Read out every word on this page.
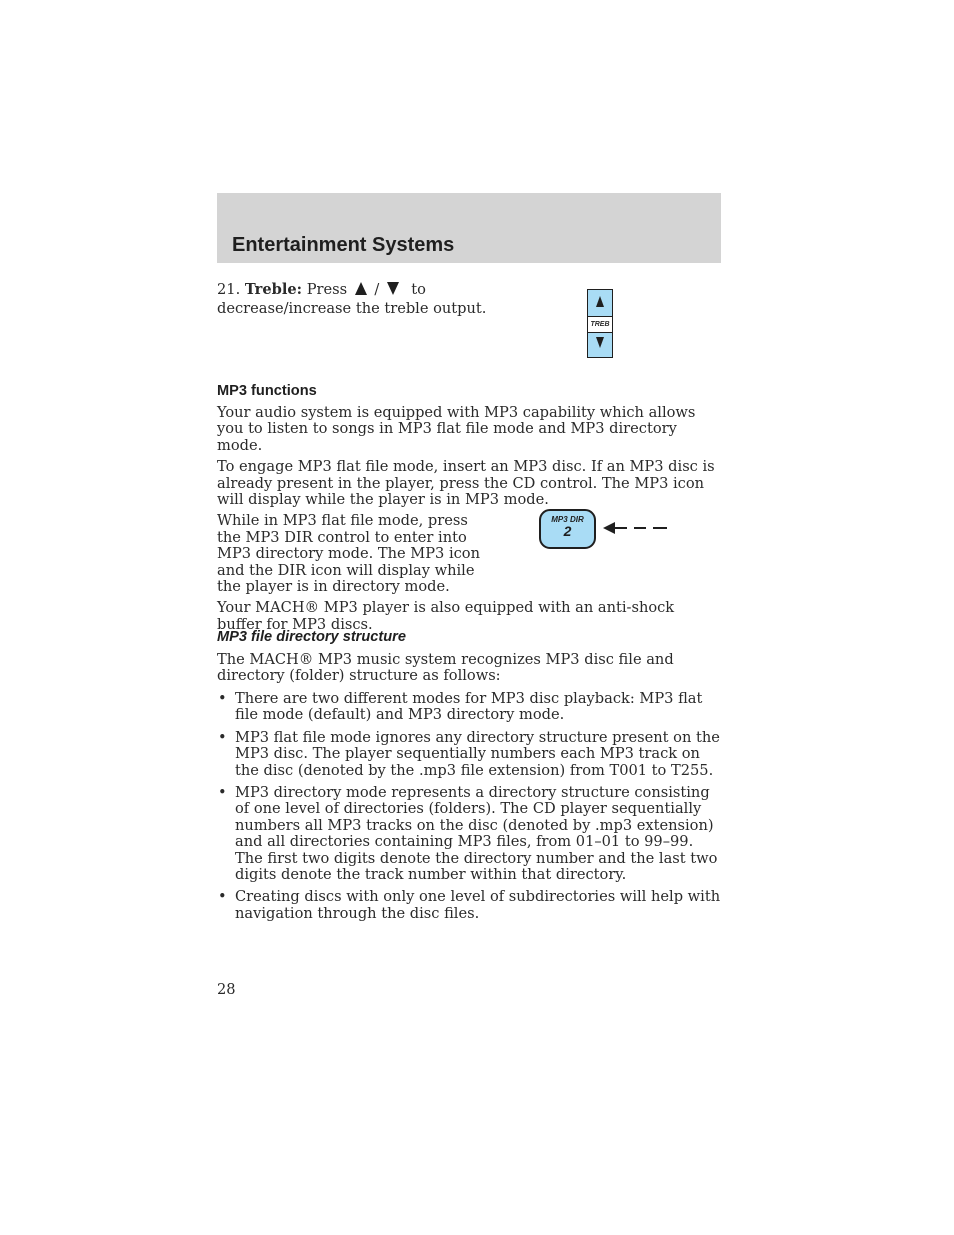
Entertainment Systems
21. Treble: Press / to
decrease/increase the treble output.
TREB
MP3 functions

Your audio system is equipped with MP3 capability which allows you to listen to songs in MP3 flat file mode and MP3 directory mode.

To engage MP3 flat file mode, insert an MP3 disc. If an MP3 disc is already present in the player, press the CD control. The MP3 icon will display while the player is in MP3 mode.

While in MP3 flat file mode, press
the MP3 DIR control to enter into
MP3 directory mode. The MP3 icon
and the DIR icon will display while
the player is in directory mode.

Your MACH® MP3 player is also equipped with an anti-shock buffer for MP3 discs.

MP3 DIR
2
MP3 file directory structure

The MACH® MP3 music system recognizes MP3 disc file and directory (folder) structure as follows:

• There are two different modes for MP3 disc playback: MP3 flat file mode (default) and MP3 directory mode.
• MP3 flat file mode ignores any directory structure present on the MP3 disc. The player sequentially numbers each MP3 track on the disc (denoted by the .mp3 file extension) from T001 to T255.
• MP3 directory mode represents a directory structure consisting of one level of directories (folders). The CD player sequentially numbers all MP3 tracks on the disc (denoted by .mp3 extension) and all directories containing MP3 files, from 01–01 to 99–99. The first two digits denote the directory number and the last two digits denote the track number within that directory.
• Creating discs with only one level of subdirectories will help with navigation through the disc files.
28
